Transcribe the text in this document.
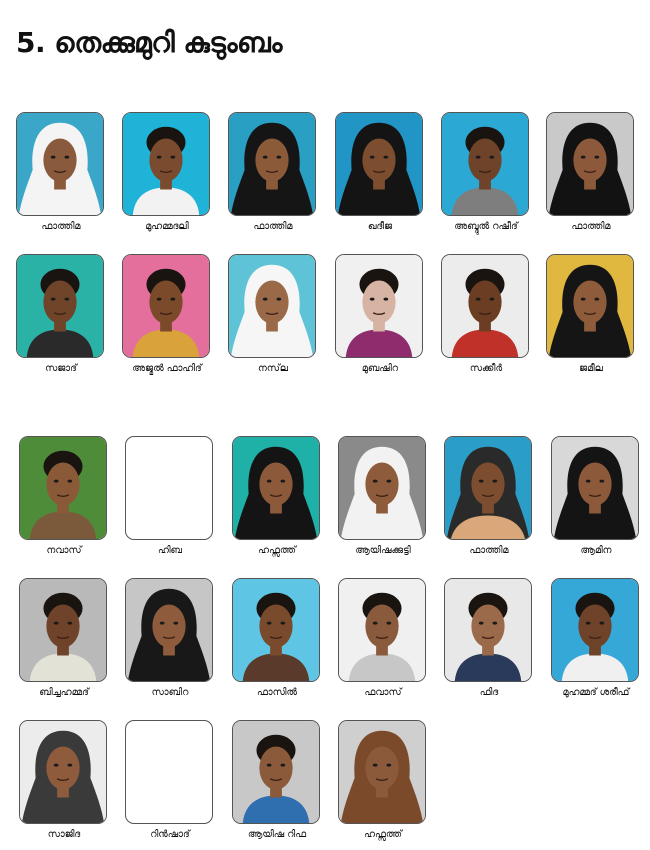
5. തെക്കുമുറി കുടുംബം
ഫാത്തിമ	മുഹമ്മദലി	ഫാത്തിമ	ഖദീജ	അബ്ദുൽ റഷീദ്	ഫാത്തിമ
സജാദ്	അജ്മൽ ഫാഹിദ്	നസ്‌ല	മുബഷിറ	സക്കീർ	ജമീല
നവാസ്	ഹിബ	ഹഫ്സത്ത്	ആയിഷക്കുട്ടി	ഫാത്തിമ	ആമിന
ബിച്ചഹമ്മദ്	സാബിറ	ഫാസിൽ	ഫവാസ്	ഫിദ	മുഹമ്മദ് ശരീഫ്
സാജിദ	റിൻഷാദ്	ആയിഷ റിഫ	ഹഫ്സത്ത്
